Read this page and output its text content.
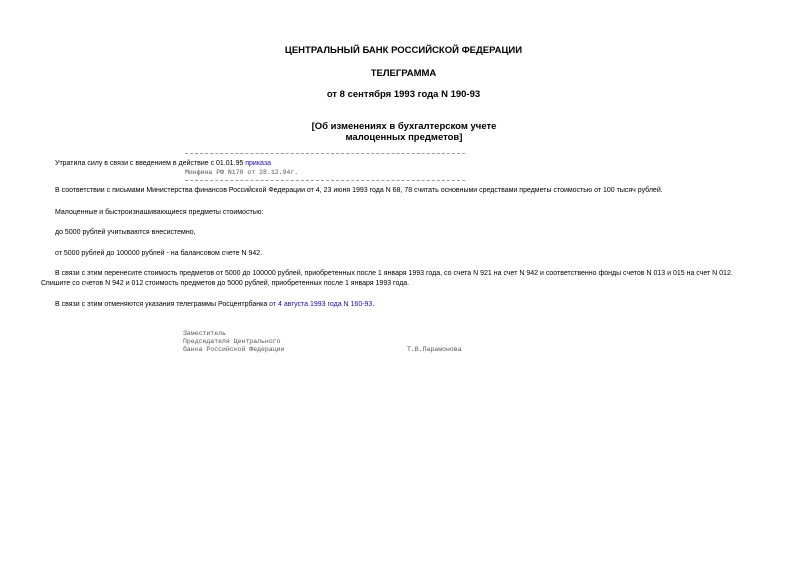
ЦЕНТРАЛЬНЫЙ БАНК РОССИЙСКОЙ ФЕДЕРАЦИИ
ТЕЛЕГРАММА
от 8 сентября 1993 года N 190-93
[Об изменениях в бухгалтерском учете
малоценных предметов]
Утратила силу в связи с введением в действие с 01.01.95 приказа
Минфина РФ N170 от 28.12.94г.
В соответствии с письмами Министерства финансов Российской Федерации от 4, 23 июня 1993 года N 68, 78 считать основными средствами предметы стоимостью от 100 тысяч рублей.
Малоценные и быстроизнашивающиеся предметы стоимостью:
до 5000 рублей учитываются внесистемно,
от 5000 рублей до 100000 рублей - на балансовом счете N 942.
В связи с этим перенесите стоимость предметов от 5000 до 100000 рублей, приобретенных после 1 января 1993 года, со счета N 921 на счет N 942 и соответственно фонды счетов N 013 и 015 на счет N 012.
Спишите со счетов N 942 и 012 стоимость предметов до 5000 рублей, приобретенных после 1 января 1993 года.
В связи с этим отменяются указания телеграммы Росцентрбанка от 4 августа 1993 года N 160-93.
Заместитель
Председателя Центрального
банка Российской Федерации	Т.В.Парамонова
